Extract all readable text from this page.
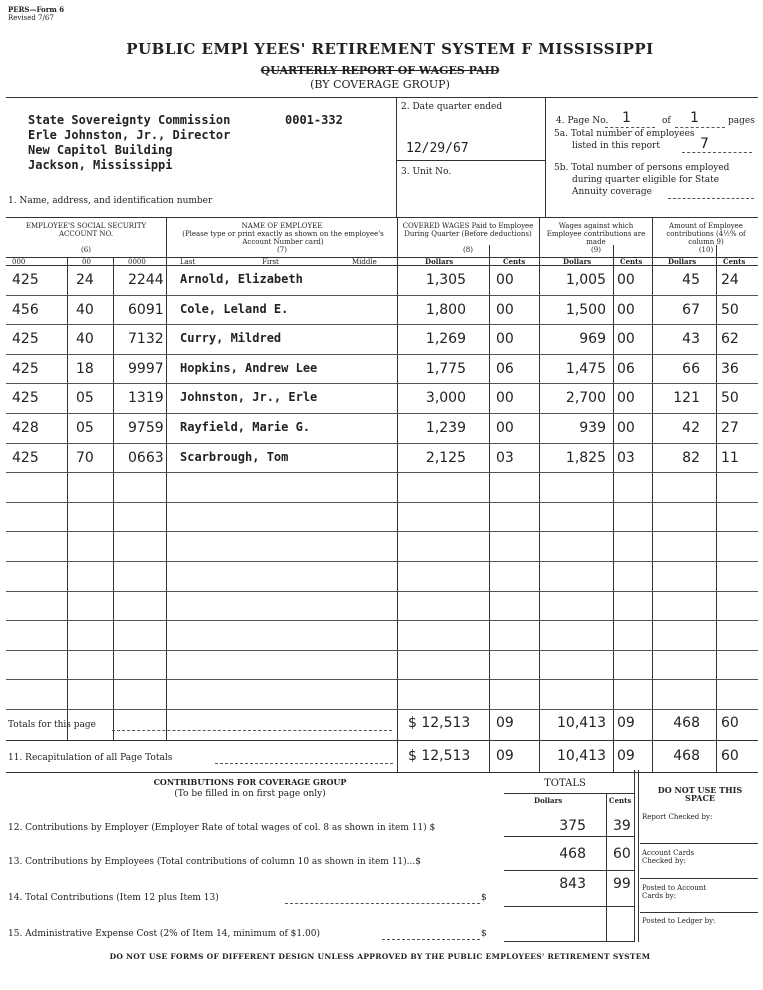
PERS—Form 6
Revised 7/67
PUBLIC EMPl YEES' RETIREMENT SYSTEM F MISSISSIPPI
QUARTERLY REPORT OF WAGES PAID
(BY COVERAGE GROUP)
State Sovereignty Commission	0001-332
Erle Johnston, Jr., Director
New Capitol Building
Jackson, Mississippi
1. Name, address, and identification number
2. Date quarter ended
12/29/67
3. Unit No.
4. Page No. 1	of 1	pages
5a. Total number of employees
listed in this report	7
5b. Total number of persons employed
during quarter eligible for State
Annuity coverage
EMPLOYEE'S SOCIAL SECURITY ACCOUNT NO.
(6)
000	00	0000
NAME OF EMPLOYEE
(Please type or print exactly as shown on the employee's Account Number card)
(7)
Last	First	Middle
COVERED WAGES Paid to Employee During Quarter (Before deductions)
(8)
Dollars	Cents
Wages against which Employee contributions are made
(9)
Dollars	Cents
Amount of Employee contributions (4½% of column 9)
(10)
Dollars	Cents
425	24 2244 Arnold, Elizabeth	1,305 00	1,005 00	45 24
456	40 6091 Cole, Leland E.	1,800 00	1,500 00	67 50
425	40 7132 Curry, Mildred	1,269 00	969 00	43 62
425	18 9997 Hopkins, Andrew Lee	1,775 06	1,475 06	66 36
425	05 1319 Johnston, Jr., Erle	3,000 00	2,700 00	121 50
428	05 9759 Rayfield, Marie G.	1,239 00	939 00	42 27
425	70 0663 Scarbrough, Tom	2,125 03	1,825 03	82 11
Totals for this page	$ 12,513 09	10,413 09	468 60
11. Recapitulation of all Page Totals	$ 12,513 09	10,413 09	468 60
CONTRIBUTIONS FOR COVERAGE GROUP
(To be filled in on first page only)
TOTALS
Dollars	Cents
12. Contributions by Employer (Employer Rate of total wages of col. 8 as shown in item 11) $	375 39
13. Contributions by Employees (Total contributions of column 10 as shown in item 11)...$	468 60
14. Total Contributions (Item 12 plus Item 13)	$
843 99
15. Administrative Expense Cost (2% of Item 14, minimum of $1.00)	$
DO NOT USE THIS SPACE
Report Checked by:
Account Cards Checked by:
Posted to Account Cards by:
Posted to Ledger by:
DO NOT USE FORMS OF DIFFERENT DESIGN UNLESS APPROVED BY THE PUBLIC EMPLOYEES' RETIREMENT SYSTEM
